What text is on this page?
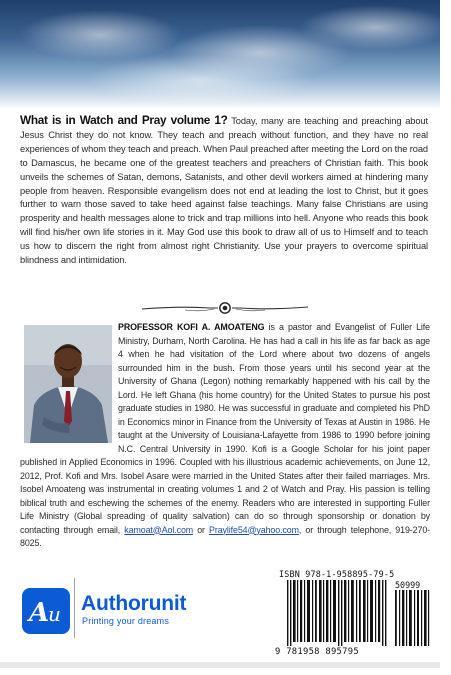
What is in Watch and Pray volume 1? Today, many are teaching and preaching about Jesus Christ they do not know. They teach and preach without function, and they have no real experiences of whom they teach and preach. When Paul preached after meeting the Lord on the road to Damascus, he became one of the greatest teachers and preachers of Christian faith. This book unveils the schemes of Satan, demons, Satanists, and other devil workers aimed at hindering many people from heaven. Responsible evangelism does not end at leading the lost to Christ, but it goes further to warn those saved to take heed against false teachings. Many false Christians are using prosperity and health messages alone to trick and trap millions into hell. Anyone who reads this book will find his/her own life stories in it. May God use this book to draw all of us to Himself and to teach us how to discern the right from almost right Christianity. Use your prayers to overcome spiritual blindness and intimidation.
PROFESSOR KOFI A. AMOATENG is a pastor and Evangelist of Fuller Life Ministry, Durham, North Carolina. He has had a call in his life as far back as age 4 when he had visitation of the Lord where about two dozens of angels surrounded him in the bush. From those years until his second year at the University of Ghana (Legon) nothing remarkably happened with his call by the Lord. He left Ghana (his home country) for the United States to pursue his post graduate studies in 1980. He was successful in graduate and completed his PhD in Economics minor in Finance from the University of Texas at Austin in 1986. He taught at the University of Louisiana-Lafayette from 1986 to 1990 before joining N.C. Central University in 1990. Kofi is a Google Scholar for his joint paper published in Applied Economics in 1996. Coupled with his illustrious academic achievements, on June 12, 2012, Prof. Kofi and Mrs. Isobel Asare were married in the United States after their failed marriages. Mrs. Isobel Amoateng was instrumental in creating volumes 1 and 2 of Watch and Pray. His passion is telling biblical truth and eschewing the schemes of the enemy. Readers who are interested in supporting Fuller Life Ministry (Global spreading of quality salvation) can do so through sponsorship or donation by contacting through email, kamoat@Aol.com or Praylife54@yahoo.com, or through telephone, 919-270-8025.
A
u Authorunit
Printing your dreams
ISBN 978-1-958895-79-5
50999
9 781958 895795
